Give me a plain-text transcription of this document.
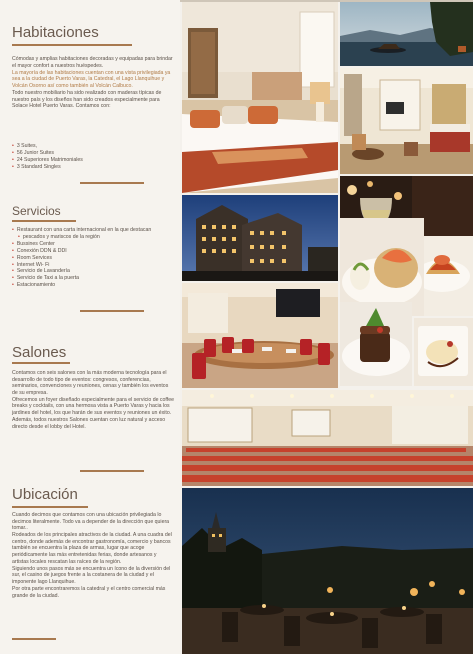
Habitaciones

Cómodas y amplias habitaciones decoradas y equipadas para brindar el mayor confort a nuestros huéspedes.

La mayoría de las habitaciones cuentan con una vista privilegiada ya sea a la ciudad de Puerto Varas, la Catedral, el Lago Llanquihue y Volcán Osorno así como también al Volcán Calbuco.

Todo nuestro mobiliario ha sido realizado con maderas típicas de nuestro país y los diseños han sido creados especialmente para Solace Hotel Puerto Varas. Contamos con:

• 3 Suites,
• 56 Junior Suites
• 24 Superiores Matrimoniales
• 3 Standard Singles
Servicios
• Restaurant con una carta internacional en la que destacan
• pescados y mariscos de la región
• Bussines Center
• Conexión DDN & DDI
• Room Services
• Internet Wi- Fi
• Servicio de Lavandería
• Servicio de Taxi a la puerta
• Estacionamiento
Salones

Contamos con seis salones con la más moderna tecnología para el desarrollo de todo tipo de eventos: congresos, conferencias, seminarios, convenciones y reuniones, cenas y también los eventos de su empresa.

Ofrecemos un foyer diseñado especialmente para el servicio de coffee breaks y cocktails, con una hermosa vista a Puerto Varas y hacia los jardines del hotel, los que harán de sus eventos y reuniones un éxito.

Además, todos nuestros Salones cuentan con luz natural y acceso directo desde el lobby del Hotel.

Ubicación

Cuando decimos que contamos con una ubicación privilegiada lo decimos literalmente. Todo va a depender de la dirección que quiera tomar..

Rodeados de los principales atractivos de la ciudad. A una cuadra del centro, donde además de encontrar gastronomía, comercio y bancos también se encuentra la plaza de armas, lugar que acoge periódicamente las más entretenidas ferias, donde artesanos y artistas locales rescatan las raíces de la región.

Siguiendo unos pasos más se encuentra un ícono de la diversión del sur, el casino de juegos frente a la costanera de la ciudad y el imponente lago Llanquihue.

Por otra parte encontraremos la catedral y el centro comercial más grande de la ciudad.
